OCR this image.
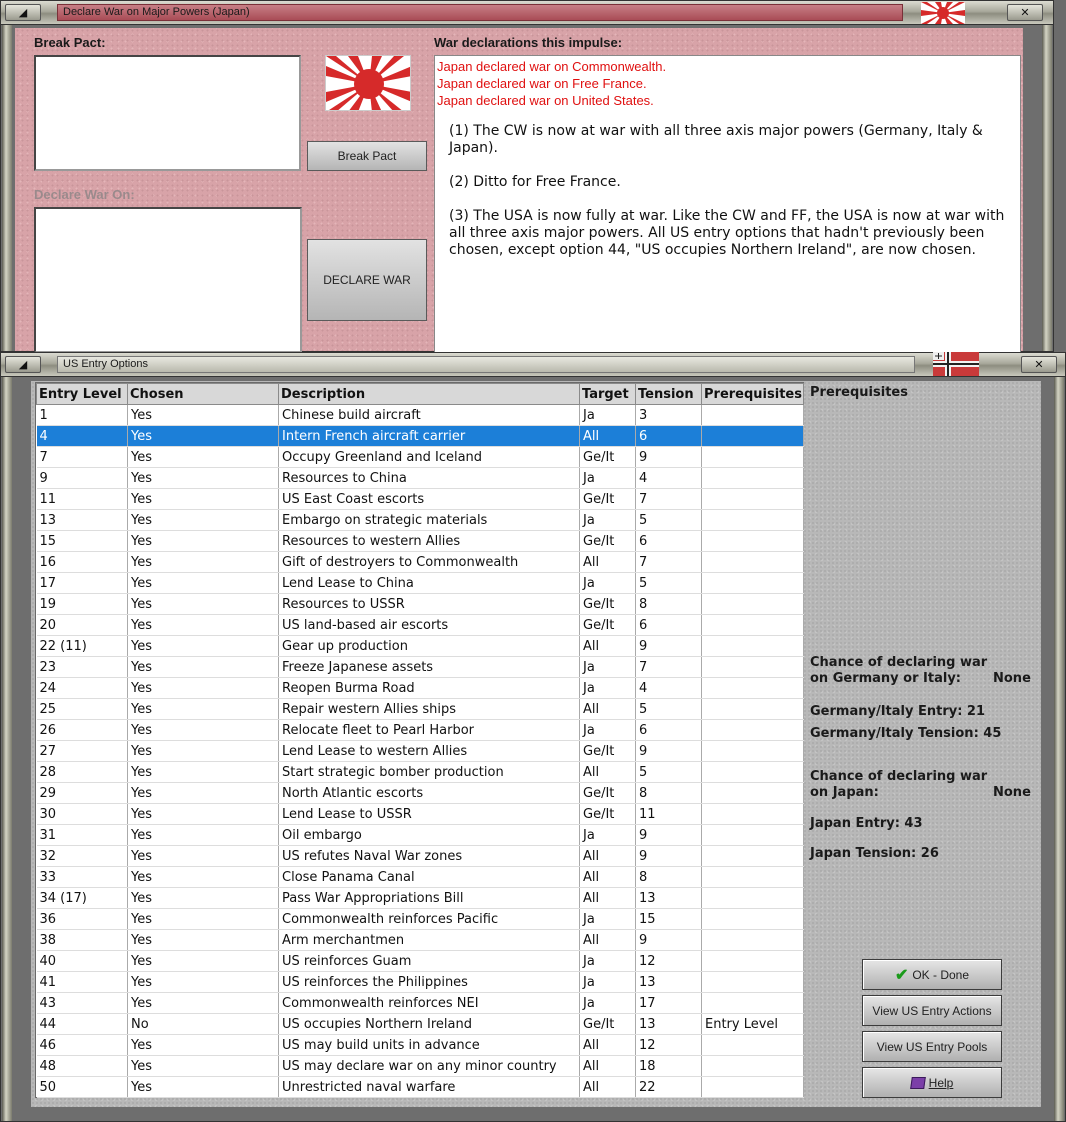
◢	Declare War on Major Powers (Japan)	✕
Break Pact:
Declare War On:
Break Pact
DECLARE WAR
War declarations this impulse:
Japan declared war on Commonwealth.
Japan declared war on Free France.
Japan declared war on United States.
(1) The CW is now at war with all three axis major powers (Germany, Italy & Japan).
(2) Ditto for Free France.
(3) The USA is now fully at war. Like the CW and FF, the USA is now at war with all three axis major powers. All US entry options that hadn't previously been chosen, except option 44, "US occupies Northern Ireland", are now chosen.
◢	US Entry Options	✕
Entry Level	Chosen	Description	Target	Tension	Prerequisites
1	Yes	Chinese build aircraft	Ja	3	
4	Yes	Intern French aircraft carrier	All	6	
7	Yes	Occupy Greenland and Iceland	Ge/It	9	
9	Yes	Resources to China	Ja	4	
11	Yes	US East Coast escorts	Ge/It	7	
13	Yes	Embargo on strategic materials	Ja	5	
15	Yes	Resources to western Allies	Ge/It	6	
16	Yes	Gift of destroyers to Commonwealth	All	7	
17	Yes	Lend Lease to China	Ja	5	
19	Yes	Resources to USSR	Ge/It	8	
20	Yes	US land-based air escorts	Ge/It	6	
22 (11)	Yes	Gear up production	All	9	
23	Yes	Freeze Japanese assets	Ja	7	
24	Yes	Reopen Burma Road	Ja	4	
25	Yes	Repair western Allies ships	All	5	
26	Yes	Relocate fleet to Pearl Harbor	Ja	6	
27	Yes	Lend Lease to western Allies	Ge/It	9	
28	Yes	Start strategic bomber production	All	5	
29	Yes	North Atlantic escorts	Ge/It	8	
30	Yes	Lend Lease to USSR	Ge/It	11	
31	Yes	Oil embargo	Ja	9	
32	Yes	US refutes Naval War zones	All	9	
33	Yes	Close Panama Canal	All	8	
34 (17)	Yes	Pass War Appropriations Bill	All	13	
36	Yes	Commonwealth reinforces Pacific	Ja	15	
38	Yes	Arm merchantmen	All	9	
40	Yes	US reinforces Guam	Ja	12	
41	Yes	US reinforces the Philippines	Ja	13	
43	Yes	Commonwealth reinforces NEI	Ja	17	
44	No	US occupies Northern Ireland	Ge/It	13	Entry Level
46	Yes	US may build units in advance	All	12	
48	Yes	US may declare war on any minor country	All	18	
50	Yes	Unrestricted naval warfare	All	22	
Prerequisites
Chance of declaring war
on Germany or Italy: None
Germany/Italy Entry: 21
Germany/Italy Tension: 45
Chance of declaring war
on Japan:	None
Japan Entry: 43
Japan Tension: 26
✔ OK - Done
View US Entry Actions
View US Entry Pools
Help
